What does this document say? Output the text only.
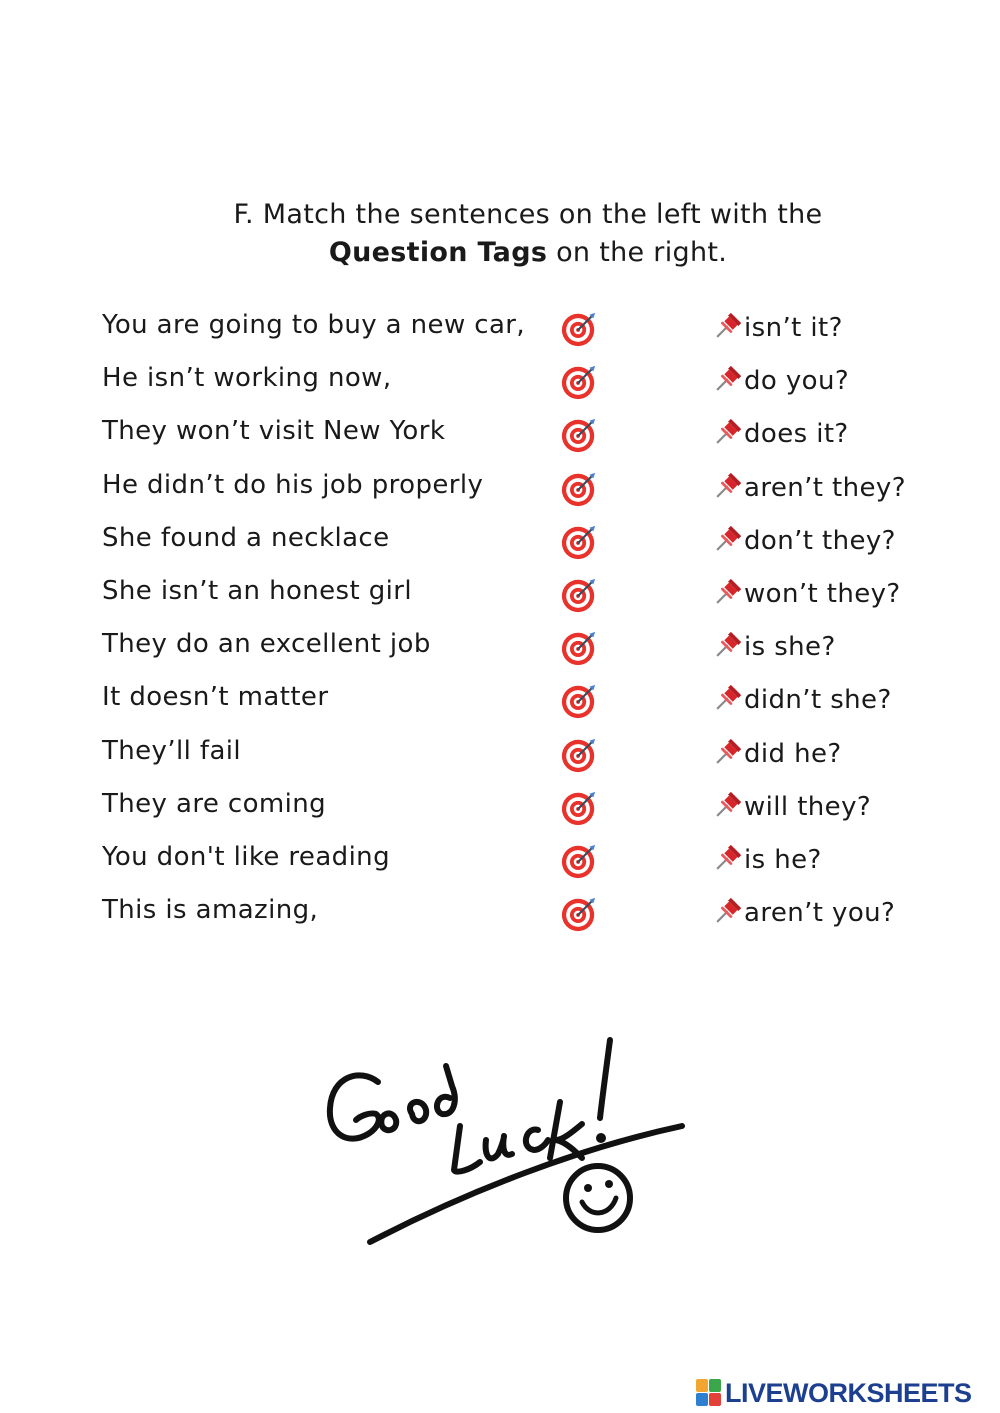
F. Match the sentences on the left with the
Question Tags on the right.
You are going to buy a new car,	isn’t it?
He isn’t working now,	do you?
They won’t visit New York	does it?
He didn’t do his job properly	aren’t they?
She found a necklace	don’t they?
She isn’t an honest girl	won’t they?
They do an excellent job	is she?
It doesn’t matter	didn’t she?
They’ll fail	did he?
They are coming	will they?
You don't like reading	is he?
This is amazing,	aren’t you?
LIVEWORKSHEETS
